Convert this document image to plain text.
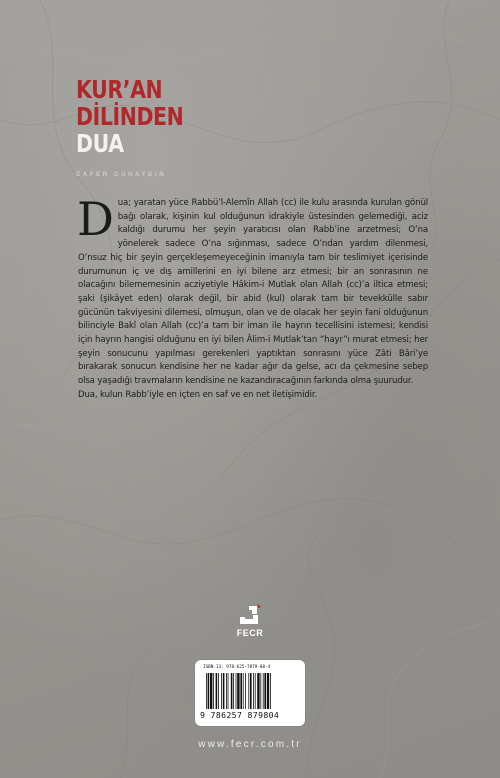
KUR’AN
DİLİNDEN
DUA
CAFER GÜNAYDIN

Dua; yaratan yüce Rabbü’l-Alemîn Allah (cc) ile kulu arasında kurulan gönül bağı olarak, kişinin kul olduğunun idrakiyle üstesinden gelemediği, aciz kaldığı durumu her şeyin yaratıcısı olan Rabb’ine arzetmesi; O’na yönelerek sadece O’na sığınması, sadece O’ndan yardım dilenmesi, O’nsuz hiç bir şeyin gerçekleşemeyeceğinin imanıyla tam bir teslimiyet içerisinde durumunun iç ve dış amillerini en iyi bilene arz etmesi; bir an sonrasının ne olacağını bilememesinin acziyetiyle Hâkim-i Mutlak olan Allah (cc)’a iltica etmesi; şaki (şikâyet eden) olarak değil, bir abid (kul) olarak tam bir tevekkülle sabır gücünün takviyesini dilemesi, olmuşun, olan ve de olacak her şeyin fani olduğunun bilinciyle Bakî olan Allah (cc)’a tam bir iman ile hayrın tecellisini istemesi; kendisi için hayrın hangisi olduğunu en iyi bilen Âlim-i Mutlak’tan “hayr”ı murat etmesi; her şeyin sonucunu yapılması gerekenleri yaptıktan sonrasını yüce Zâti Bâri’ye bırakarak sonucun kendisine her ne kadar ağır da gelse, acı da çekmesine sebep olsa yaşadığı travmaların kendisine ne kazandıracağının farkında olma şuurudur.

Dua, kulun Rabb’iyle en içten en saf ve en net iletişimidir.

FECR
ISBN-13: 978-625-7879-80-4
9 786257 879804
www.fecr.com.tr
